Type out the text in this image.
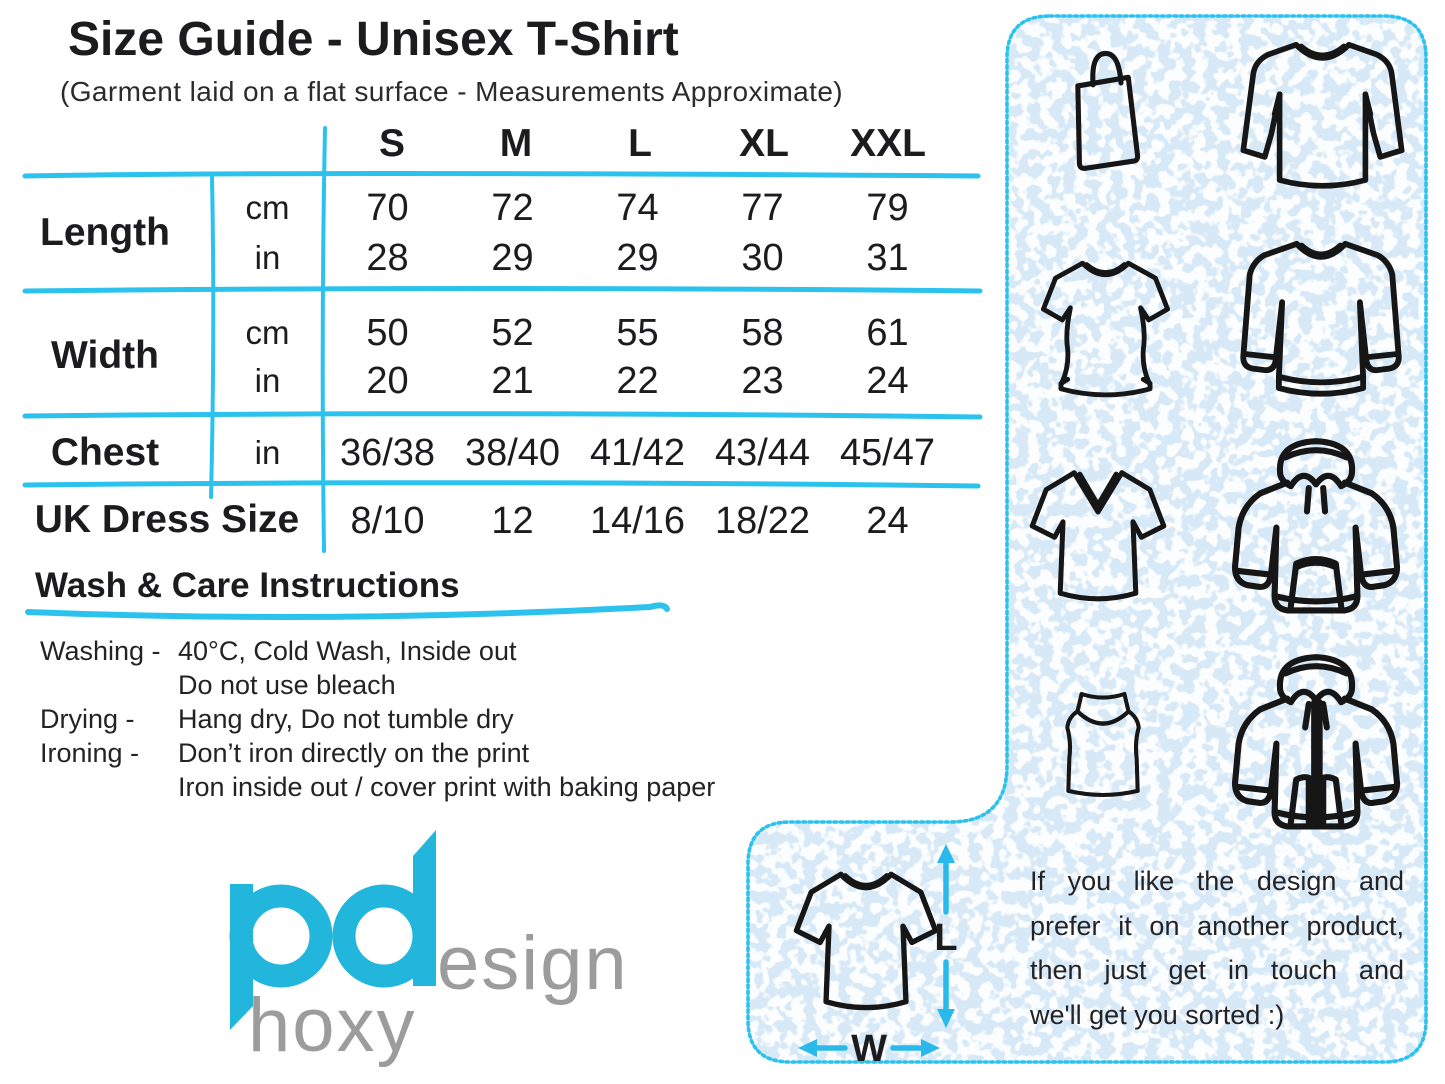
esign
hoxy
L
W
Size Guide - Unisex T-Shirt
(Garment laid on a flat surface - Measurements Approximate)
S	M	L	XL	XXL
Length
cm	70	72	74	77	79
in	28	29	29	30	31
Width
cm	50	52	55	58	61
in	20	21	22	23	24
Chest	in	36/38 38/40 41/42 43/44 45/47
UK Dress Size	8/10	12	14/16 18/22	24
Wash & Care Instructions
Washing - 40°C, Cold Wash, Inside out
Do not use bleach
Drying -	Hang dry, Do not tumble dry
Ironing -	Don’t iron directly on the print
Iron inside out / cover print with baking paper
If you like the design and
prefer it on another product,
then just get in touch and
we'll get you sorted :)
